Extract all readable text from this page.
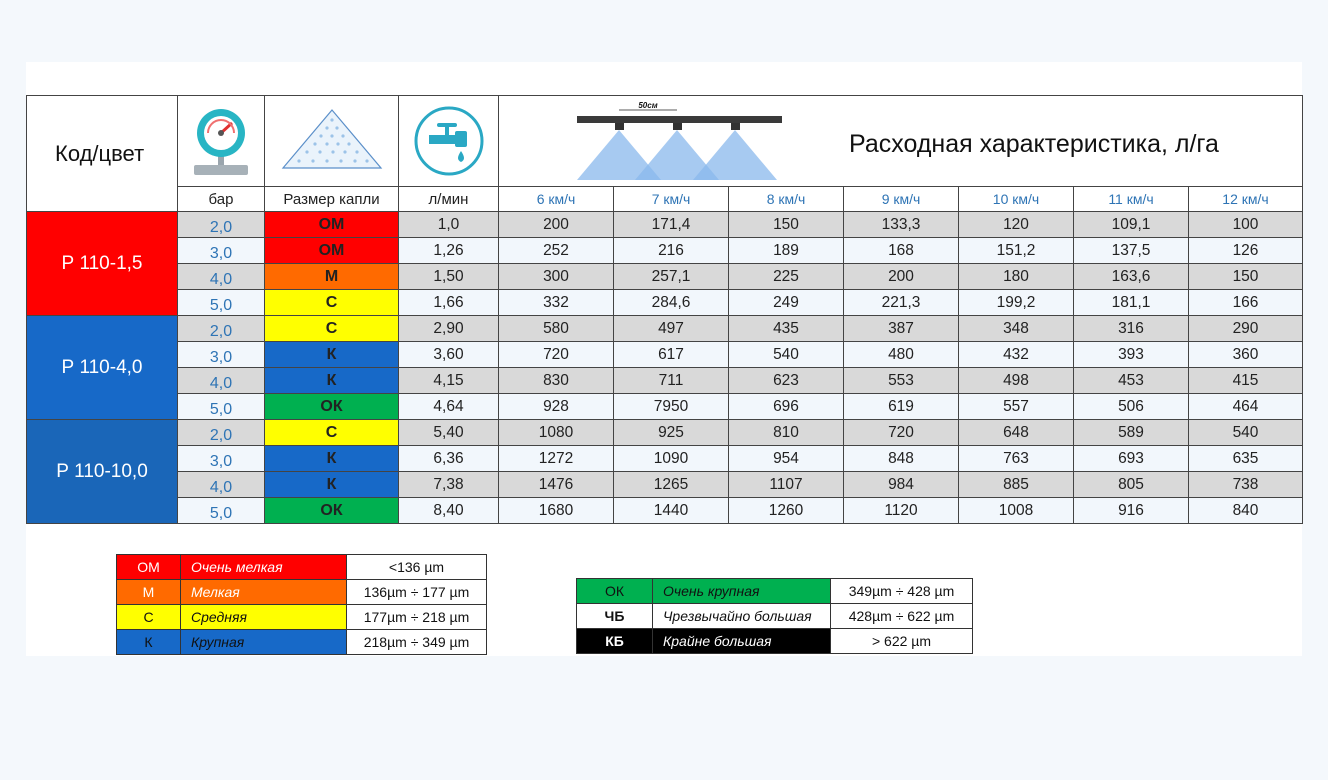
Код/цвет				50см
Расходная характеристика, л/га						

	бар	Размер капли	л/мин	6 км/ч	7 км/ч	8 км/ч	9 км/ч	10 км/ч	11 км/ч	12 км/ч
Р 110-1,5	2,0	ОМ	1,0	200	171,4	150	133,3	120	109,1	100
	3,0	ОМ	1,26	252	216	189	168	151,2	137,5	126
	4,0	М	1,50	300	257,1	225	200	180	163,6	150
	5,0	С	1,66	332	284,6	249	221,3	199,2	181,1	166
Р 110-4,0	2,0	С	2,90	580	497	435	387	348	316	290
	3,0	К	3,60	720	617	540	480	432	393	360
	4,0	К	4,15	830	711	623	553	498	453	415
	5,0	ОК	4,64	928	7950	696	619	557	506	464
Р 110-10,0	2,0	С	5,40	1080	925	810	720	648	589	540
	3,0	К	6,36	1272	1090	954	848	763	693	635
	4,0	К	7,38	1476	1265	1107	984	885	805	738
	5,0	ОК	8,40	1680	1440	1260	1120	1008	916	840
ОМ	Очень мелкая	<136 µm
М	Мелкая	136µm ÷ 177 µm
С	Средняя	177µm ÷ 218 µm
К	Крупная	218µm ÷ 349 µm
ОК	Очень крупная	349µm ÷ 428 µm
ЧБ	Чрезвычайно большая	428µm ÷ 622 µm
КБ	Крайне большая	> 622 µm
